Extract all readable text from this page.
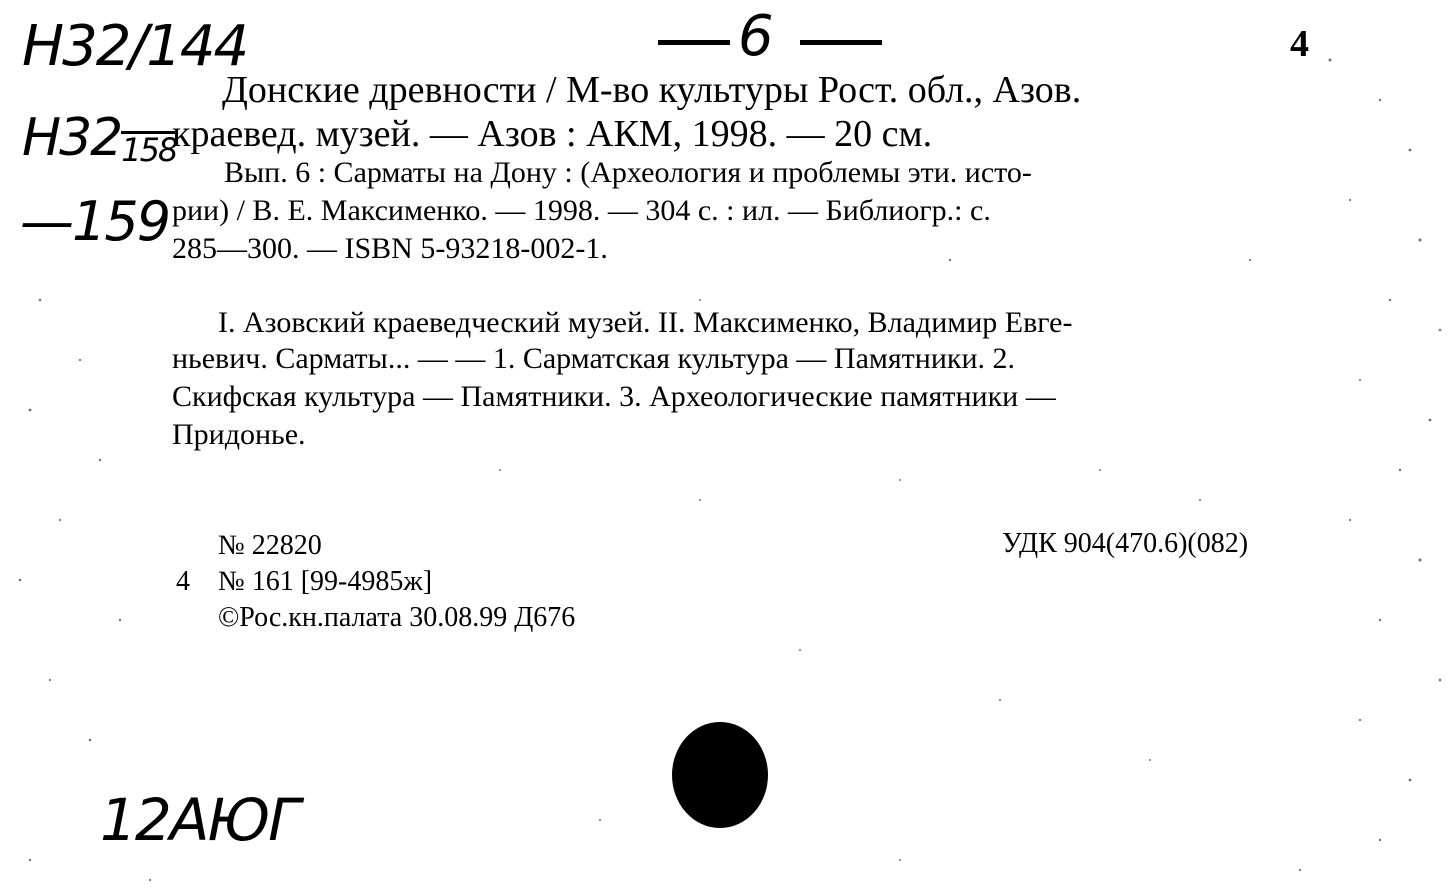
Н32/144
Н32158
—159
6	4
Донские древности / М-во культуры Рост. обл., Азов.
краевед. музей. — Азов : АКМ, 1998. — 20 см.
Вып. 6 : Сарматы на Дону : (Археология и проблемы эти. исто-
рии) / В. Е. Максименко. — 1998. — 304 с. : ил. — Библиогр.: с.
285—300. — ISBN 5-93218-002-1.
I. Азовский краеведческий музей. II. Максименко, Владимир Евге-
ньевич. Сарматы... — — 1. Сарматская культура — Памятники. 2.
Скифская культура — Памятники. 3. Археологические памятники —
Придонье.
№ 22820	УДК 904(470.6)(082)
4 № 161 [99-4985ж]
©Рос.кн.палата 30.08.99 Д676
12АЮГ
